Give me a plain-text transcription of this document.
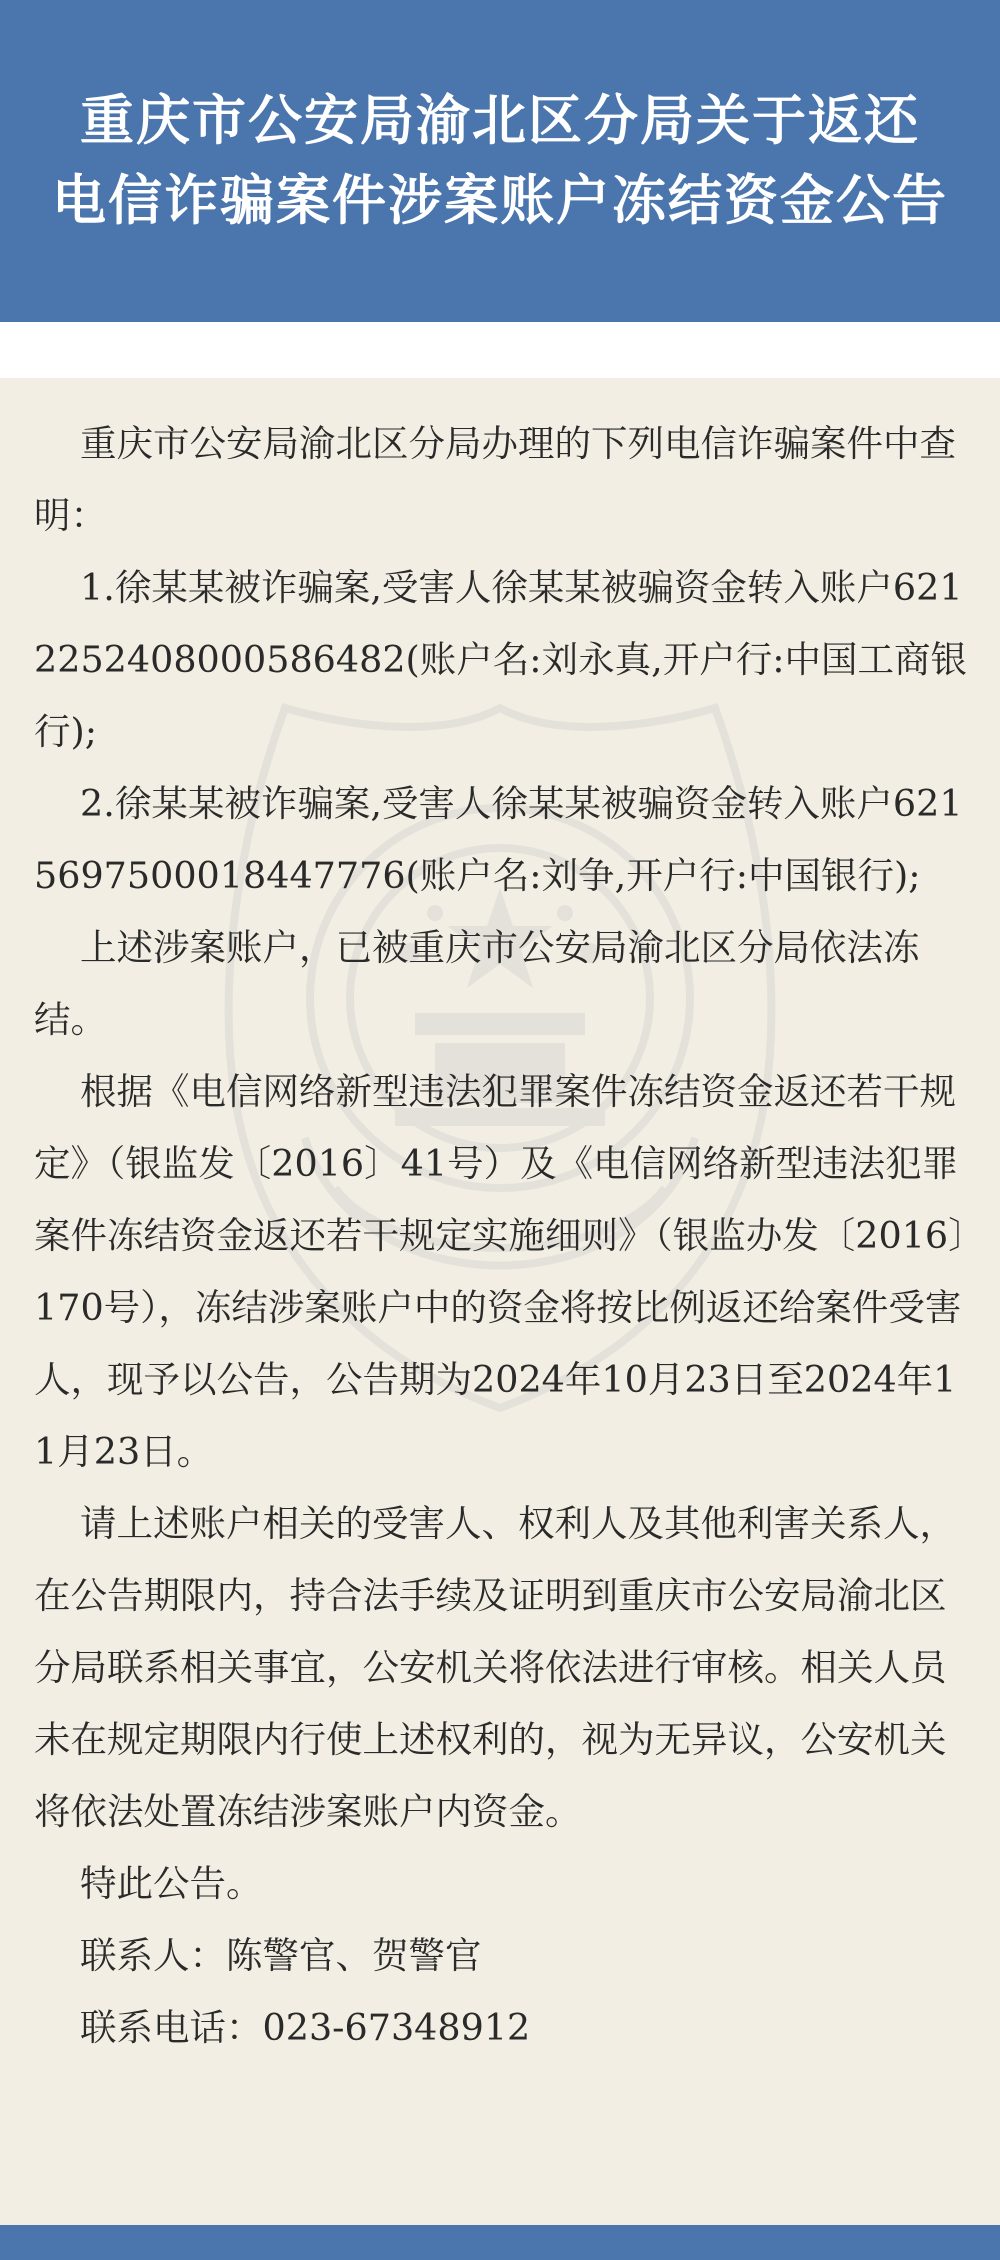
重庆市公安局渝北区分局关于返还
电信诈骗案件涉案账户冻结资金公告

重庆市公安局渝北区分局办理的下列电信诈骗案件中查明：

1.徐某某被诈骗案,受害人徐某某被骗资金转入账户6212252408000586482(账户名:刘永真,开户行:中国工商银行);

2.徐某某被诈骗案,受害人徐某某被骗资金转入账户6215697500018447776(账户名:刘争,开户行:中国银行);

上述涉案账户，已被重庆市公安局渝北区分局依法冻结。

根据《电信网络新型违法犯罪案件冻结资金返还若干规定》（银监发〔2016〕41号）及《电信网络新型违法犯罪案件冻结资金返还若干规定实施细则》（银监办发〔2016〕170号），冻结涉案账户中的资金将按比例返还给案件受害人，现予以公告，公告期为2024年10月23日至2024年11月23日。

请上述账户相关的受害人、权利人及其他利害关系人，在公告期限内，持合法手续及证明到重庆市公安局渝北区分局联系相关事宜，公安机关将依法进行审核。相关人员未在规定期限内行使上述权利的，视为无异议，公安机关将依法处置冻结涉案账户内资金。

特此公告。

联系人：陈警官、贺警官

联系电话：023-67348912
